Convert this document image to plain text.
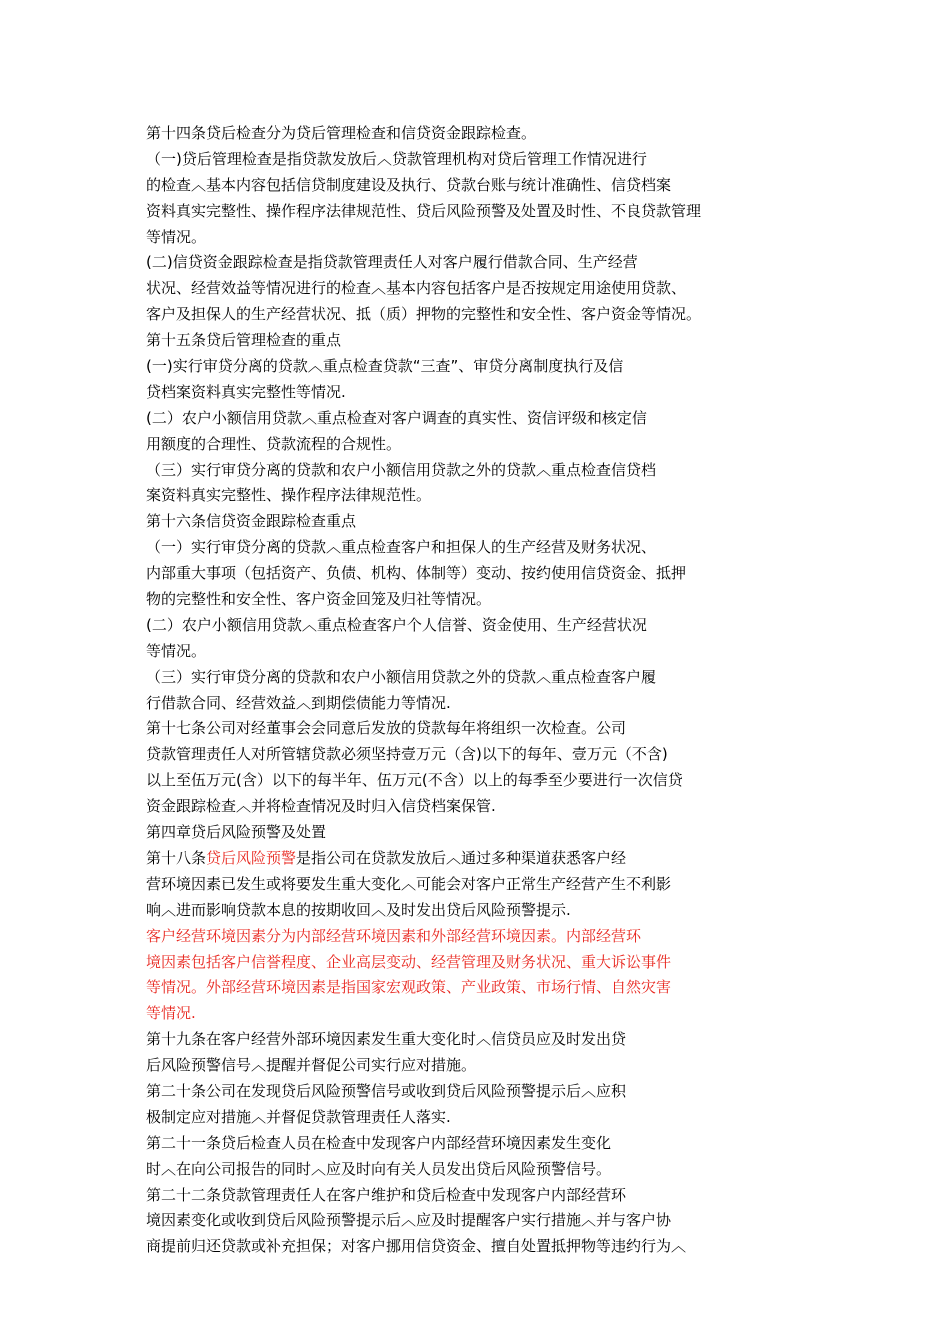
第十四条贷后检查分为贷后管理检查和信贷资金跟踪检查。
（一)贷后管理检查是指贷款发放后︿贷款管理机构对贷后管理工作情况进行
的检查︿基本内容包括信贷制度建设及执行、贷款台账与统计准确性、信贷档案
资料真实完整性、操作程序法律规范性、贷后风险预警及处置及时性、不良贷款管理
等情况。
(二)信贷资金跟踪检查是指贷款管理责任人对客户履行借款合同、生产经营
状况、经营效益等情况进行的检查︿基本内容包括客户是否按规定用途使用贷款、
客户及担保人的生产经营状况、抵（质）押物的完整性和安全性、客户资金等情况。
第十五条贷后管理检查的重点
(一)实行审贷分离的贷款︿重点检查贷款“三查”、审贷分离制度执行及信
贷档案资料真实完整性等情况.
(二）农户小额信用贷款︿重点检查对客户调查的真实性、资信评级和核定信
用额度的合理性、贷款流程的合规性。
（三）实行审贷分离的贷款和农户小额信用贷款之外的贷款︿重点检查信贷档
案资料真实完整性、操作程序法律规范性。
第十六条信贷资金跟踪检查重点
（一）实行审贷分离的贷款︿重点检查客户和担保人的生产经营及财务状况、
内部重大事项（包括资产、负债、机构、体制等）变动、按约使用信贷资金、抵押
物的完整性和安全性、客户资金回笼及归社等情况。
(二）农户小额信用贷款︿重点检查客户个人信誉、资金使用、生产经营状况
等情况。
（三）实行审贷分离的贷款和农户小额信用贷款之外的贷款︿重点检查客户履
行借款合同、经营效益︿到期偿债能力等情况.
第十七条公司对经董事会会同意后发放的贷款每年将组织一次检查。公司
贷款管理责任人对所管辖贷款必须坚持壹万元（含)以下的每年、壹万元（不含)
以上至伍万元(含）以下的每半年、伍万元(不含）以上的每季至少要进行一次信贷
资金跟踪检查︿并将检查情况及时归入信贷档案保管.
第四章贷后风险预警及处置
第十八条贷后风险预警是指公司在贷款发放后︿通过多种渠道获悉客户经
营环境因素已发生或将要发生重大变化︿可能会对客户正常生产经营产生不利影
响︿进而影响贷款本息的按期收回︿及时发出贷后风险预警提示.
客户经营环境因素分为内部经营环境因素和外部经营环境因素。内部经营环
境因素包括客户信誉程度、企业高层变动、经营管理及财务状况、重大诉讼事件
等情况。外部经营环境因素是指国家宏观政策、产业政策、市场行情、自然灾害
等情况.
第十九条在客户经营外部环境因素发生重大变化时︿信贷员应及时发出贷
后风险预警信号︿提醒并督促公司实行应对措施。
第二十条公司在发现贷后风险预警信号或收到贷后风险预警提示后︿应积
极制定应对措施︿并督促贷款管理责任人落实.
第二十一条贷后检查人员在检查中发现客户内部经营环境因素发生变化
时︿在向公司报告的同时︿应及时向有关人员发出贷后风险预警信号。
第二十二条贷款管理责任人在客户维护和贷后检查中发现客户内部经营环
境因素变化或收到贷后风险预警提示后︿应及时提醒客户实行措施︿并与客户协
商提前归还贷款或补充担保；对客户挪用信贷资金、擅自处置抵押物等违约行为︿
